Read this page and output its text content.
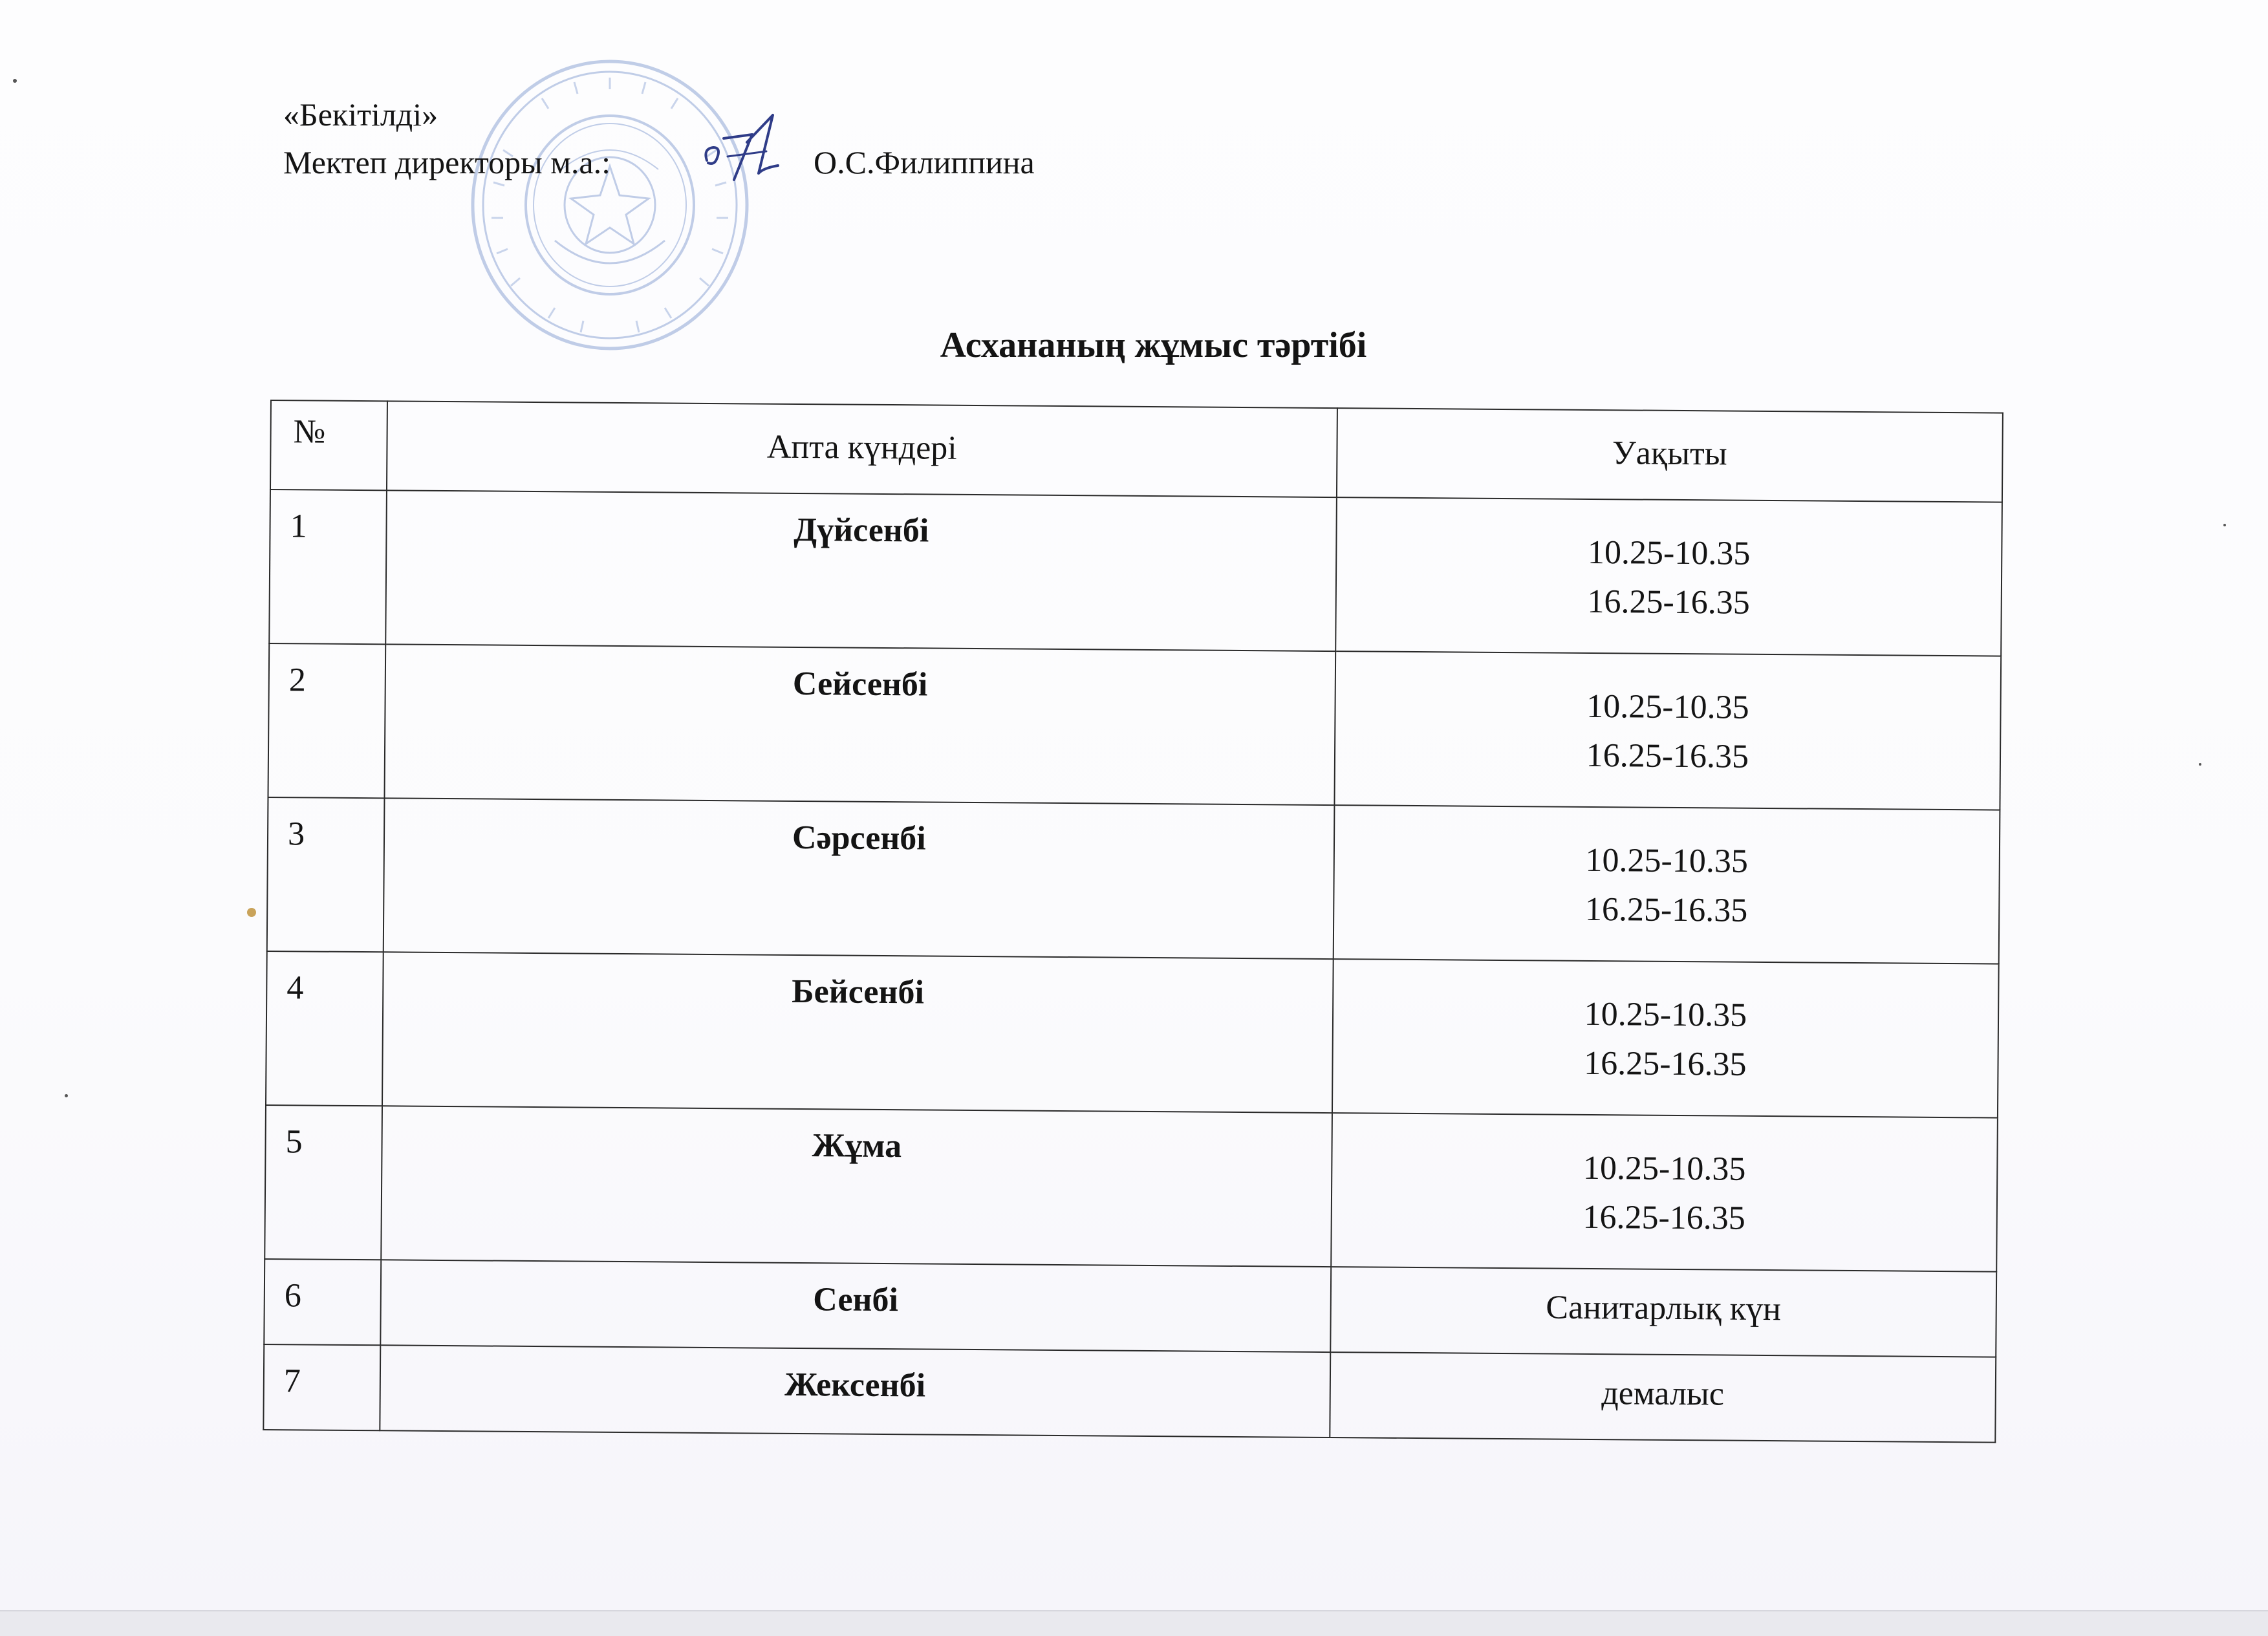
«Бекітілді»
Мектеп директоры м.а.:	О.С.Филиппина
Асхананың жұмыс тәртібі
№	Апта күндері	Уақыты
1	Дүйсенбі	10.25-10.35
16.25-16.35

2	Сейсенбі	10.25-10.35
16.25-16.35

3	Сәрсенбі	10.25-10.35
16.25-16.35

4	Бейсенбі	10.25-10.35
16.25-16.35

5	Жұма	10.25-10.35
16.25-16.35

6	Сенбі	Санитарлық күн
7	Жексенбі	демалыс
